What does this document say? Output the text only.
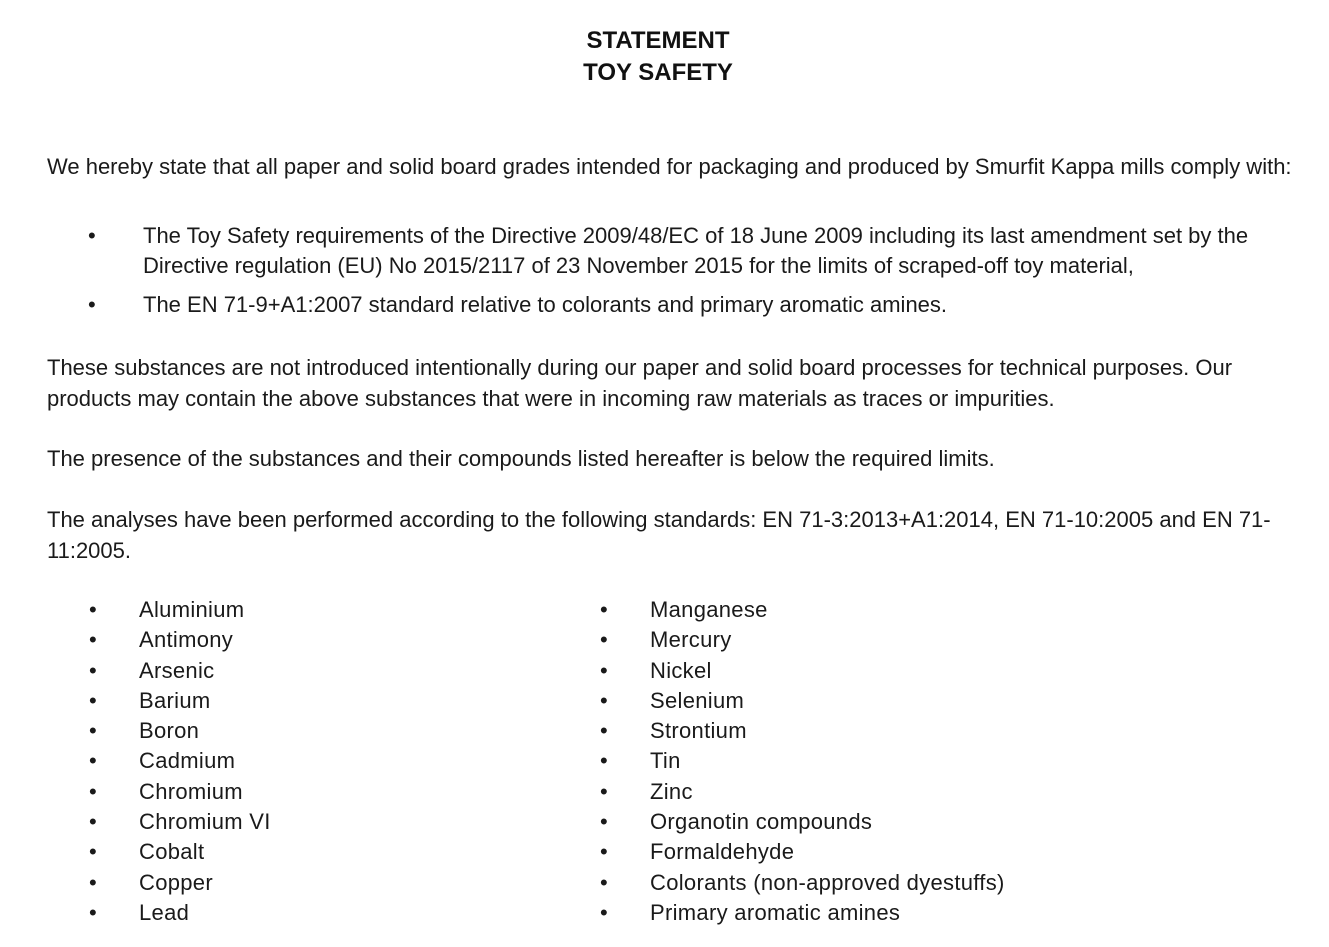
STATEMENT
TOY SAFETY

We hereby state that all paper and solid board grades intended for packaging and produced by Smurfit Kappa mills comply with:

• The Toy Safety requirements of the Directive 2009/48/EC of 18 June 2009 including its last amendment set by the Directive regulation (EU) No 2015/2117 of 23 November 2015 for the limits of scraped-off toy material,
• The EN 71-9+A1:2007 standard relative to colorants and primary aromatic amines.

These substances are not introduced intentionally during our paper and solid board processes for technical purposes. Our products may contain the above substances that were in incoming raw materials as traces or impurities.

The presence of the substances and their compounds listed hereafter is below the required limits.

The analyses have been performed according to the following standards: EN 71-3:2013+A1:2014, EN 71-10:2005 and EN 71-11:2005.

• Aluminium
• Antimony
• Arsenic
• Barium
• Boron
• Cadmium
• Chromium
• Chromium VI
• Cobalt
• Copper
• Lead
• Manganese
• Mercury
• Nickel
• Selenium
• Strontium
• Tin
• Zinc
• Organotin compounds
• Formaldehyde
• Colorants (non-approved dyestuffs)
• Primary aromatic amines
